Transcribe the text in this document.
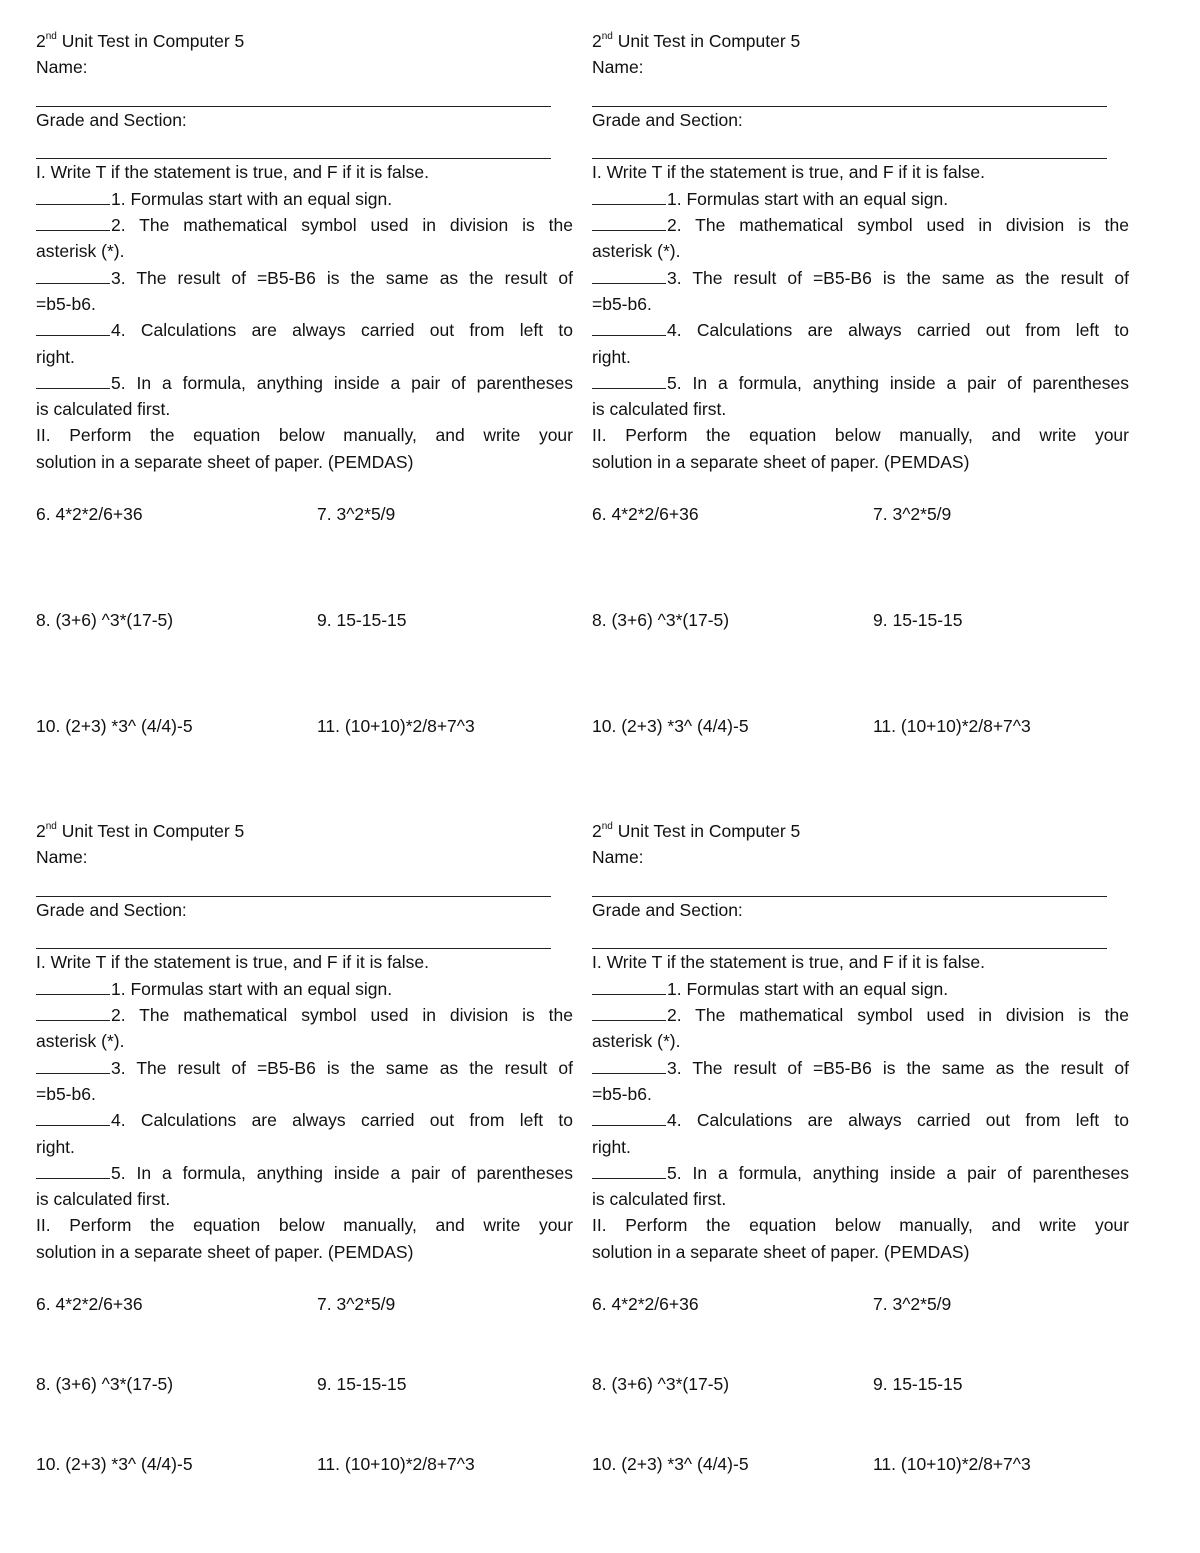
2nd Unit Test in Computer 5
Name:
Grade and Section:
I. Write T if the statement is true, and F if it is false.
1. Formulas start with an equal sign.
2. The mathematical symbol used in division is the
asterisk (*).
3. The result of =B5-B6 is the same as the result of
=b5-b6.
4. Calculations are always carried out from left to
right.
5. In a formula, anything inside a pair of parentheses
is calculated first.
II. Perform the equation below manually, and write your
solution in a separate sheet of paper. (PEMDAS)
6. 4*2*2/6+36	7. 3^2*5/9
8. (3+6) ^3*(17-5)	9. 15-15-15
10. (2+3) *3^ (4/4)-5	11. (10+10)*2/8+7^3
2nd Unit Test in Computer 5
Name:
Grade and Section:
I. Write T if the statement is true, and F if it is false.
1. Formulas start with an equal sign.
2. The mathematical symbol used in division is the
asterisk (*).
3. The result of =B5-B6 is the same as the result of
=b5-b6.
4. Calculations are always carried out from left to
right.
5. In a formula, anything inside a pair of parentheses
is calculated first.
II. Perform the equation below manually, and write your
solution in a separate sheet of paper. (PEMDAS)
6. 4*2*2/6+36	7. 3^2*5/9
8. (3+6) ^3*(17-5)	9. 15-15-15
10. (2+3) *3^ (4/4)-5	11. (10+10)*2/8+7^3
2nd Unit Test in Computer 5
Name:
Grade and Section:
I. Write T if the statement is true, and F if it is false.
1. Formulas start with an equal sign.
2. The mathematical symbol used in division is the
asterisk (*).
3. The result of =B5-B6 is the same as the result of
=b5-b6.
4. Calculations are always carried out from left to
right.
5. In a formula, anything inside a pair of parentheses
is calculated first.
II. Perform the equation below manually, and write your
solution in a separate sheet of paper. (PEMDAS)
6. 4*2*2/6+36	7. 3^2*5/9
8. (3+6) ^3*(17-5)	9. 15-15-15
10. (2+3) *3^ (4/4)-5	11. (10+10)*2/8+7^3
2nd Unit Test in Computer 5
Name:
Grade and Section:
I. Write T if the statement is true, and F if it is false.
1. Formulas start with an equal sign.
2. The mathematical symbol used in division is the
asterisk (*).
3. The result of =B5-B6 is the same as the result of
=b5-b6.
4. Calculations are always carried out from left to
right.
5. In a formula, anything inside a pair of parentheses
is calculated first.
II. Perform the equation below manually, and write your
solution in a separate sheet of paper. (PEMDAS)
6. 4*2*2/6+36	7. 3^2*5/9
8. (3+6) ^3*(17-5)	9. 15-15-15
10. (2+3) *3^ (4/4)-5	11. (10+10)*2/8+7^3
